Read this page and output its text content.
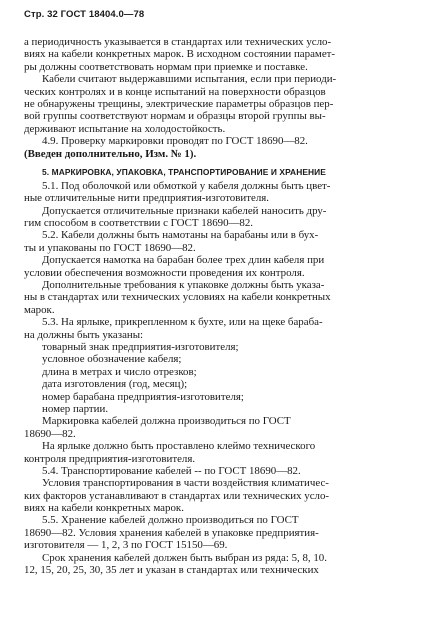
Стр. 32 ГОСТ 18404.0—78
а периодичность указывается в стандартах или технических усло-
виях на кабели конкретных марок. В исходном состоянии парамет-
ры должны соответствовать нормам при приемке и поставке.
Кабели считают выдержавшими испытания, если при периоди-
ческих контролях и в конце испытаний на поверхности образцов
не обнаружены трещины, электрические параметры образцов пер-
вой группы соответствуют нормам и образцы второй группы вы-
держивают испытание на холодостойкость.
4.9. Проверку маркировки проводят по ГОСТ 18690—82.
(Введен дополнительно, Изм. № 1).
5. МАРКИРОВКА, УПАКОВКА, ТРАНСПОРТИРОВАНИЕ И ХРАНЕНИЕ
5.1. Под оболочкой или обмоткой у кабеля должны быть цвет-
ные отличительные нити предприятия-изготовителя.
Допускается отличительные признаки кабелей наносить дру-
гим способом в соответствии с ГОСТ 18690—82.
5.2. Кабели должны быть намотаны на барабаны или в бух-
ты и упакованы по ГОСТ 18690—82.
Допускается намотка на барабан более трех длин кабеля при
условии обеспечения возможности проведения их контроля.
Дополнительные требования к упаковке должны быть указа-
ны в стандартах или технических условиях на кабели конкретных
марок.
5.3. На ярлыке, прикрепленном к бухте, или на щеке бараба-
на должны быть указаны:
товарный знак предприятия-изготовителя;
условное обозначение кабеля;
длина в метрах и число отрезков;
дата изготовления (год, месяц);
номер барабана предприятия-изготовителя;
номер партии.
Маркировка кабелей должна производиться по ГОСТ
18690—82.
На ярлыке должно быть проставлено клеймо технического
контроля предприятия-изготовителя.
5.4. Транспортирование кабелей -- по ГОСТ 18690—82.
Условия транспортирования в части воздействия климатичес-
ких факторов устанавливают в стандартах или технических усло-
виях на кабели конкретных марок.
5.5. Хранение кабелей должно производиться по ГОСТ
18690—82. Условия хранения кабелей в упаковке предприятия-
изготовителя — 1, 2, 3 по ГОСТ 15150—69.
Срок хранения кабелей должен быть выбран из ряда: 5, 8, 10.
12, 15, 20, 25, 30, 35 лет и указан в стандартах или технических
